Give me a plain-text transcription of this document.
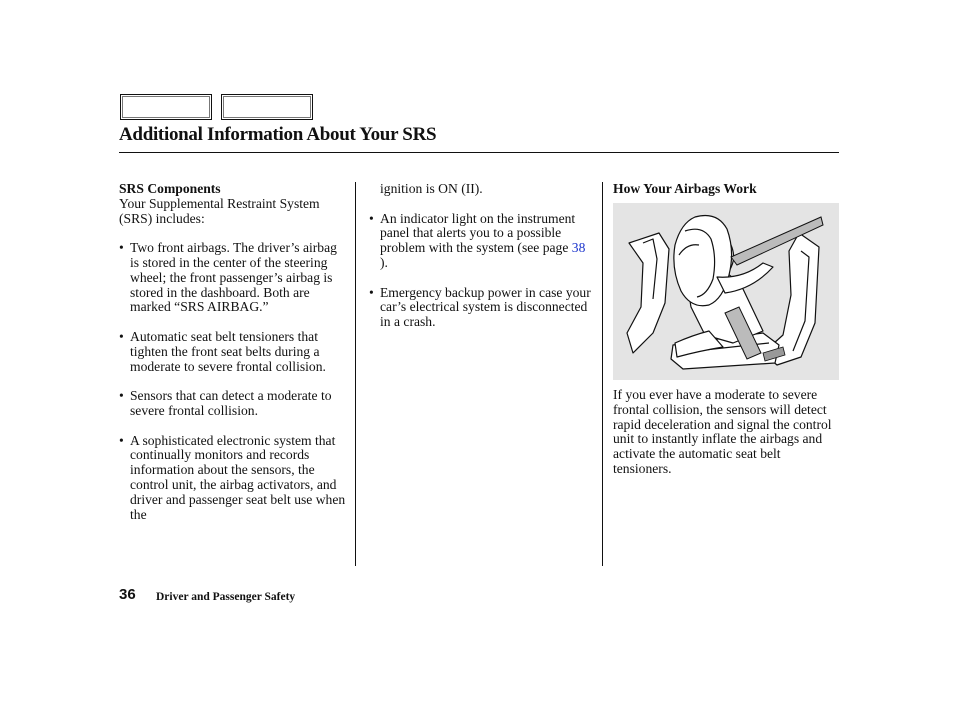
Additional Information About Your SRS
SRS Components
Your Supplemental Restraint System (SRS) includes:
• Two front airbags. The driver’s airbag is stored in the center of the steering wheel; the front passenger’s airbag is stored in the dashboard. Both are marked “SRS AIRBAG.”
• Automatic seat belt tensioners that tighten the front seat belts during a moderate to severe frontal collision.
• Sensors that can detect a moderate to severe frontal collision.
• A sophisticated electronic system that continually monitors and records information about the sensors, the control unit, the airbag activators, and driver and passenger seat belt use when the
ignition is ON (II).
• An indicator light on the instrument panel that alerts you to a possible problem with the system (see page 38 ).
• Emergency backup power in case your car’s electrical system is disconnected in a crash.
How Your Airbags Work
If you ever have a moderate to severe frontal collision, the sensors will detect rapid deceleration and signal the control unit to instantly inflate the airbags and activate the automatic seat belt tensioners.
36 Driver and Passenger Safety
